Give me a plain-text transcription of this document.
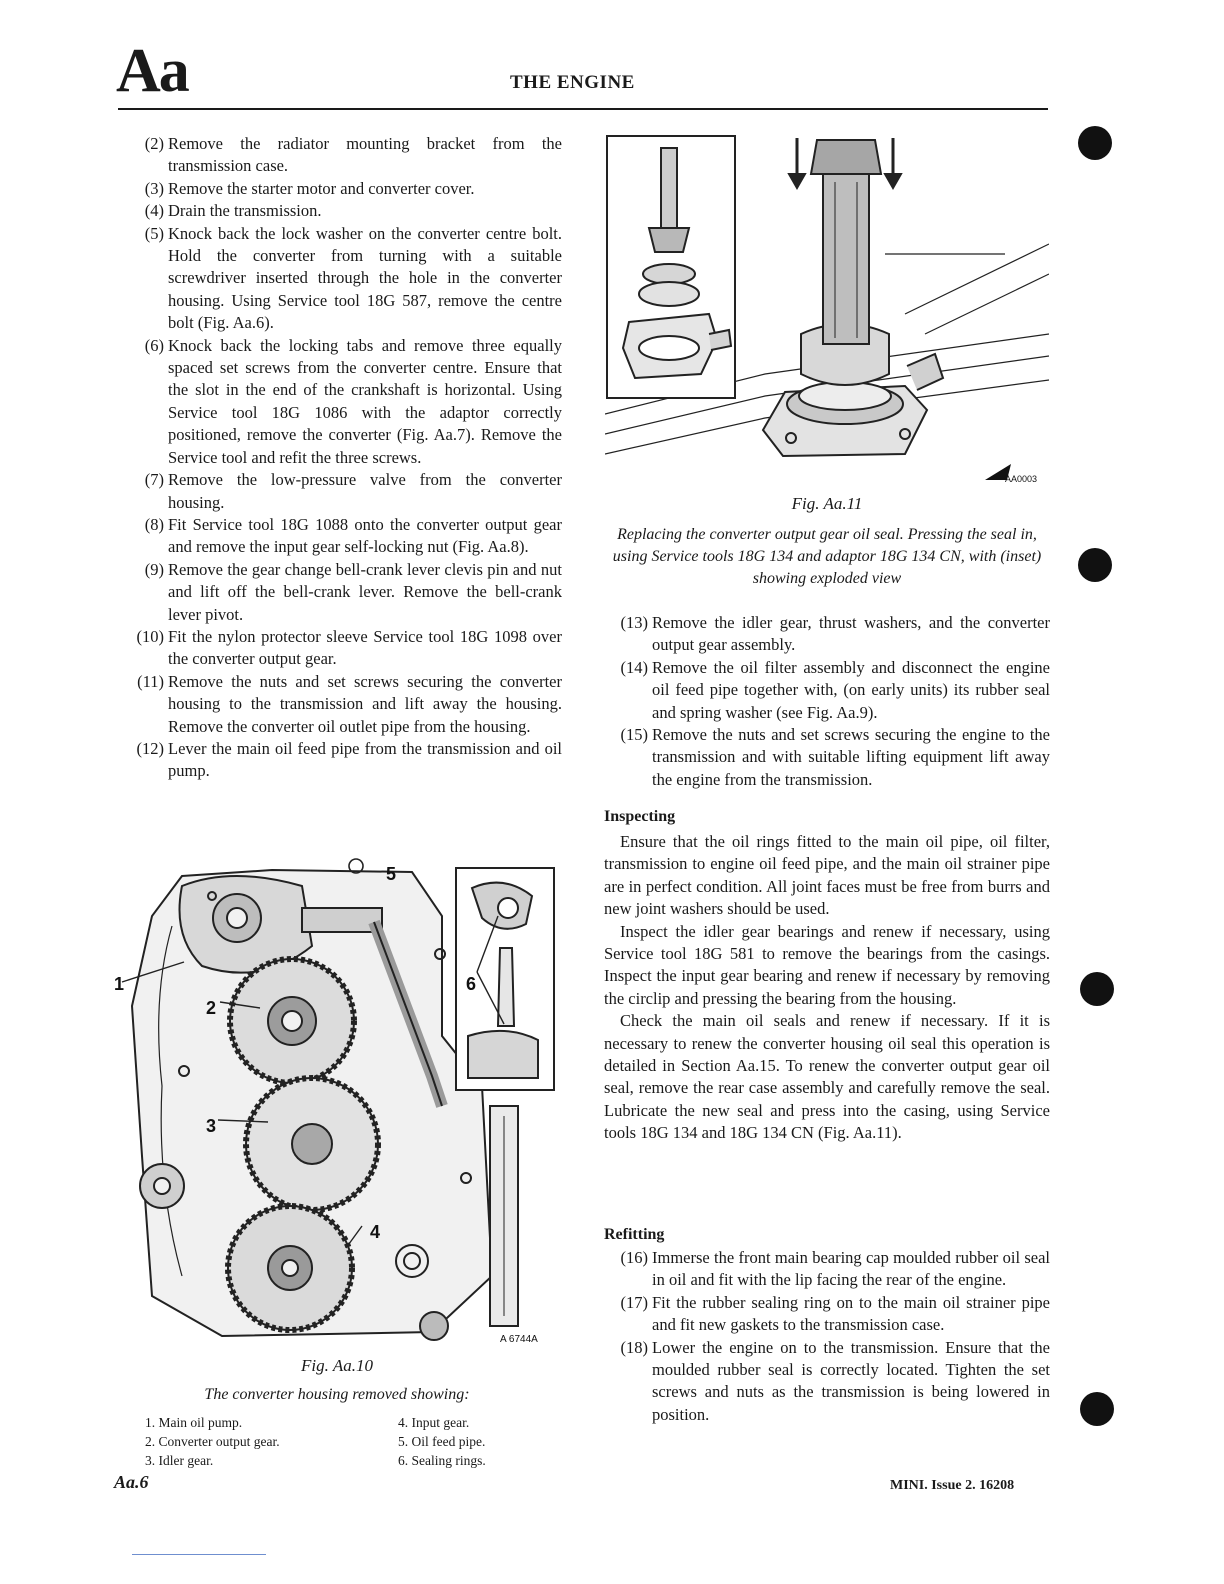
Aa	THE ENGINE
(2) Remove the radiator mounting bracket from the transmission case.
(3) Remove the starter motor and converter cover.
(4) Drain the transmission.
(5) Knock back the lock washer on the converter centre bolt. Hold the converter from turning with a suitable screwdriver inserted through the hole in the converter housing. Using Service tool 18G 587, remove the centre bolt (Fig. Aa.6).
(6) Knock back the locking tabs and remove three equally spaced set screws from the converter centre. Ensure that the slot in the end of the crankshaft is horizontal. Using Service tool 18G 1086 with the adaptor correctly positioned, remove the converter (Fig. Aa.7). Remove the Service tool and refit the three screws.
(7) Remove the low-pressure valve from the converter housing.
(8) Fit Service tool 18G 1088 onto the converter output gear and remove the input gear self-locking nut (Fig. Aa.8).
(9) Remove the gear change bell-crank lever clevis pin and nut and lift off the bell-crank lever. Remove the bell-crank lever pivot.
(10) Fit the nylon protector sleeve Service tool 18G 1098 over the converter output gear.
(11) Remove the nuts and set screws securing the converter housing to the transmission and lift away the housing. Remove the converter oil outlet pipe from the housing.
(12) Lever the main oil feed pipe from the transmission and oil pump.
1
2
3
4
5
6
A 6744A
Fig. Aa.10
The converter housing removed showing:
1. Main oil pump.
2. Converter output gear.
3. Idler gear.
4. Input gear.
5. Oil feed pipe.
6. Sealing rings.
AA0003
Fig. Aa.11
Replacing the converter output gear oil seal. Pressing the seal in, using Service tools 18G 134 and adaptor 18G 134 CN, with (inset) showing exploded view
(13) Remove the idler gear, thrust washers, and the converter output gear assembly.
(14) Remove the oil filter assembly and disconnect the engine oil feed pipe together with, (on early units) its rubber seal and spring washer (see Fig. Aa.9).
(15) Remove the nuts and set screws securing the engine to the transmission and with suitable lifting equipment lift away the engine from the transmission.
Inspecting

Ensure that the oil rings fitted to the main oil pipe, oil filter, transmission to engine oil feed pipe, and the main oil strainer pipe are in perfect condition. All joint faces must be free from burrs and new joint washers should be used.

Inspect the idler gear bearings and renew if necessary, using Service tool 18G 581 to remove the bearings from the casings. Inspect the input gear bearing and renew if necessary by removing the circlip and pressing the bearing from the housing.

Check the main oil seals and renew if necessary. If it is necessary to renew the converter housing oil seal this operation is detailed in Section Aa.15. To renew the converter output gear oil seal, remove the rear case assembly and carefully remove the seal. Lubricate the new seal and press into the casing, using Service tools 18G 134 and 18G 134 CN (Fig. Aa.11).

Refitting
(16) Immerse the front main bearing cap moulded rubber oil seal in oil and fit with the lip facing the rear of the engine.
(17) Fit the rubber sealing ring on to the main oil strainer pipe and fit new gaskets to the transmission case.
(18) Lower the engine on to the transmission. Ensure that the moulded rubber seal is correctly located. Tighten the set screws and nuts as the transmission is being lowered in position.
Aa.6	MINI. Issue 2. 16208
